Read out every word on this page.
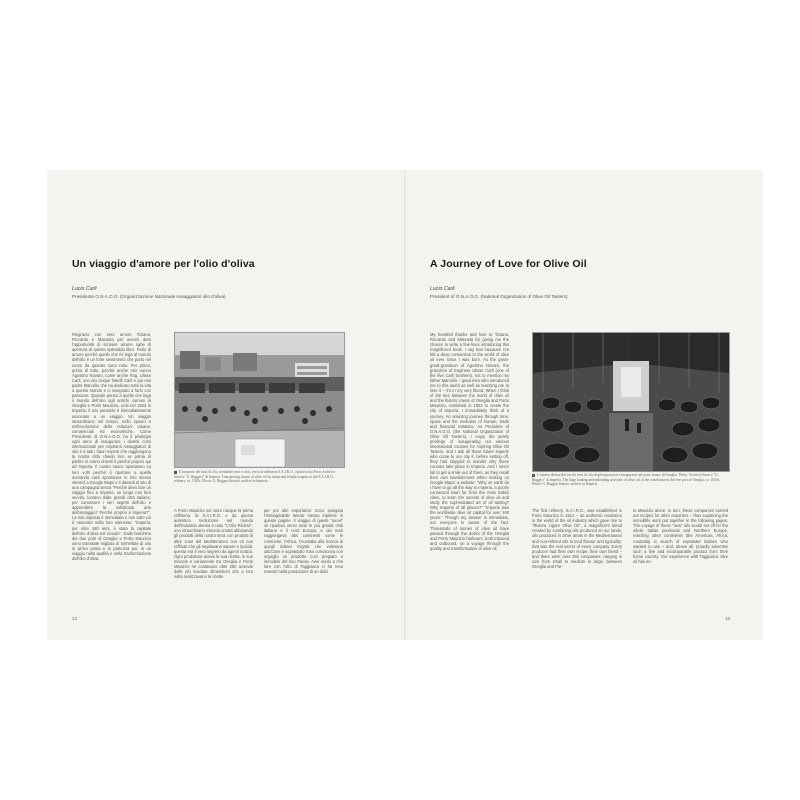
Un viaggio d'amore per l'olio d'oliva
Lucio Carli
Presidente O.N.A.O.O. (Organizzazione Nazionale Assaggiatori olio d'oliva)
Ringrazio con vero amore Tiziana, Riccardo e Manuela per avermi dato l'opportunità di scrivere alcune righe di apertura di questo splendido libro. Parlo di amore perché quello che mi lega al mondo dell'olio è un forte sentimento che porto nel cuore da quando sono nato. Per primo, prima di tutto, perché anche mio nonno Agostino Novaro, come anche l'Ing. Ulisse Carli, uno dei cinque fratelli Carli e poi mio padre Marcello che ha dedicato tutta la vita a questo mondo e ci insegnato a farlo con passione. Quando penso a quello che lega il mondo dell'olio agli antichi comuni di Oneglia e Porto Maurizio, uniti nel 1923 in Imperia, il mio pensiero è immediatamente associato a un viaggio. Un viaggio straordinario nel tempo, nello spazio e nell'evoluzione delle relazioni umane, commerciali ed economiche. Come Presidente di O.N.A.O.O. ho il privilegio ogni anno di inaugurare i diversi corsi internazionali per Aspiranti Assaggiatori di olio e a tutti i futuri esperti che raggiungono la nostra città chiedo loro se prima di partire si erano chiesti il perché proprio qui ad Imperia. Il nostro nasce spontaneo su loro volti perché (i riportare a quella domanda sarà spontanea in loro stesse stesse) a Google Maps e li davanti al sito di una campagna senza "Perché devo fare un viaggio fino a Imperia, un luogo non ben servito, lontano dalle grandi città italiane, per conoscere i veri segreti dell'olio e apprendere la sofisticata arte dell'assaggio? Perché proprio a Imperia?". La mia risposta è immediata e non tutto ciò è nascosto nella loro interesse: "Imperia, per oltre 160 anni, è stata la capitale dell'olio d'oliva nel mondo". Dalle banchine dei due porti di Oneglia e Porto Maurizio sono transitate migliaia di tonnellate di olio in arrivo prima e in partenza poi, in un viaggio nella qualità e nella trasformazione dell'olio d'oliva.
Il trasporto dei fusti di olio, mediante treni e carri, verso la raffineria S.A.I.R.O., ripartiva dai Porto Archivio Storico "G. Ruggeri" di Imperia. Transporting drums of olive oil by trains and freight wagons to the S.A.I.R.O. refinery, ca. 1920s. Photo: G. Ruggeri historic archive in Imperia
A Porto Maurizio nel 1912 nacque la prima raffineria, la S.A.I.R.O. e da questa autentica rivoluzione nel mondo dell'industria olearia è nato "L'Olio Riviera", uno straordinario miscela creata abbinando gli prodotti della nostra terra con prodotti di altre zone del Mediterraneo con oli non raffinati che gli regalavano sapore e tipicità: questa era il vero segreto da agenti notizia. Ogni produttore aveva la sua ricetta, le sue miscele e variamente tra Oneglia e Porto Maurizio ne contavano oltre 250 aziende delle più svariate dimensioni che a loro volta realizzavano le ricette
per poi altri esportatori. Ecco spiegata l'immaginabile lasciar messo inpiente in queste pagine. Il viaggio di questi "nuovi" oli ripartiva verso tutte le più grandi città italiane e il nord Europa, e dai mari raggiungeva altri continenti come le Americhe, l'Africa, l'Australia alla ricerca di quegli italiani migrati che volevano utilizzare e soprattutto l'uso conosceva con orgoglio un prodotto così pregiato e immobile del loro Paese. Aver avuto a che fare con l'olio di Taggiasca ci ha reso maestri nella produzione di un dolci
12
A Journey of Love for Olive Oil
Lucio Carli
President of O.N.A.O.O. (National Organization of Olive Oil Tasters)
My heartfelt thanks and love to Tiziana, Riccardo and Manuela for giving me the chance to write a few lines introducing this magnificent book. I say love because I've felt a deep connection to the world of olive oil ever since I was born. As the great-great-grandson of Agostino Novaro, the grandson of Engineer Ulisse Carli (one of the five Carli brothers), not to mention my father Marcello – great men who introduced me to this world as well as teaching me to love it – it's in my very blood. When I think of the ties between the world of olive oil and the historic towns of Oneglia and Porto Maurizio, combined in 1923 to create the city of Imperia, I immediately think of a journey. An amazing journey through time, space and the evolution of human, trade and financial relations. As President of O.N.A.O.O. (the National Organization of Olive Oil Tasters), I enjoy the yearly privilege of inaugurating our various international courses for Aspiring Olive Oil Tasters, and I ask all those future experts who come to our city if, before setting off, they had stopped to wonder why these courses take place in Imperia. And I never fail to get a smile out of them, as they recall their own bewilderment when looking on Google Maps: a website: "Why on earth do I have to go all the way to Imperia, a poorly connected town far from the main Italian cities, to learn the secrets of olive oil and study the sophisticated art of oil tasting? Why Imperia of all places?" "Imperia was the worldwide olive oil capital for over 160 years." Though my answer is immediate, not everyone is aware of the fact. Thousands of tonnes of olive oil have passed through the docks of the Oneglia and Porto Maurizio harbours, both inbound and outbound, on a voyage through the quality and transformation of olive oil.
L'interna distesa dei vecchi fusti di olio degli esportatori e imagazzini nel porto franco di Oneglia. Photo: Archivio Storico "G. Ruggeri" di Imperia. The huge loading and unloading activities of olive oil, at the warehouse in the free port of Oneglia, ca. 1920s. Photo: G. Ruggeri historic archive in Imperia
The first refinery, S.A.I.R.O., was established in Porto Maurizio in 1912 – an authentic revolution in the world of the oil industry which gave rise to "Riviera Ligure Olive Oil", a magnificent blend created by combining oils produced on our lands, oils produced in other areas in the Mediterranean and non-refined oils to lend flavour and typicality: that was the real secret of every company. Every producer had their own recipe, their own blend – and there were over 250 companies, ranging in size from small to medium to large, between Oneglia and Por-
to Maurizio alone. In turn, these companies carried out recipes for other exporters – thus explaining the incredible work put together in the following pages. The voyage of these "new" oils would set off for the whole Italian peninsula and Northern Europe, reaching other continents (the Americas, Africa, Australia) in search of expatriate Italians who wanted to use – and, above all, proudly advertise such a fine and incomparable product from their home country. Our experience with Taggiasca olive oil has en-
13
